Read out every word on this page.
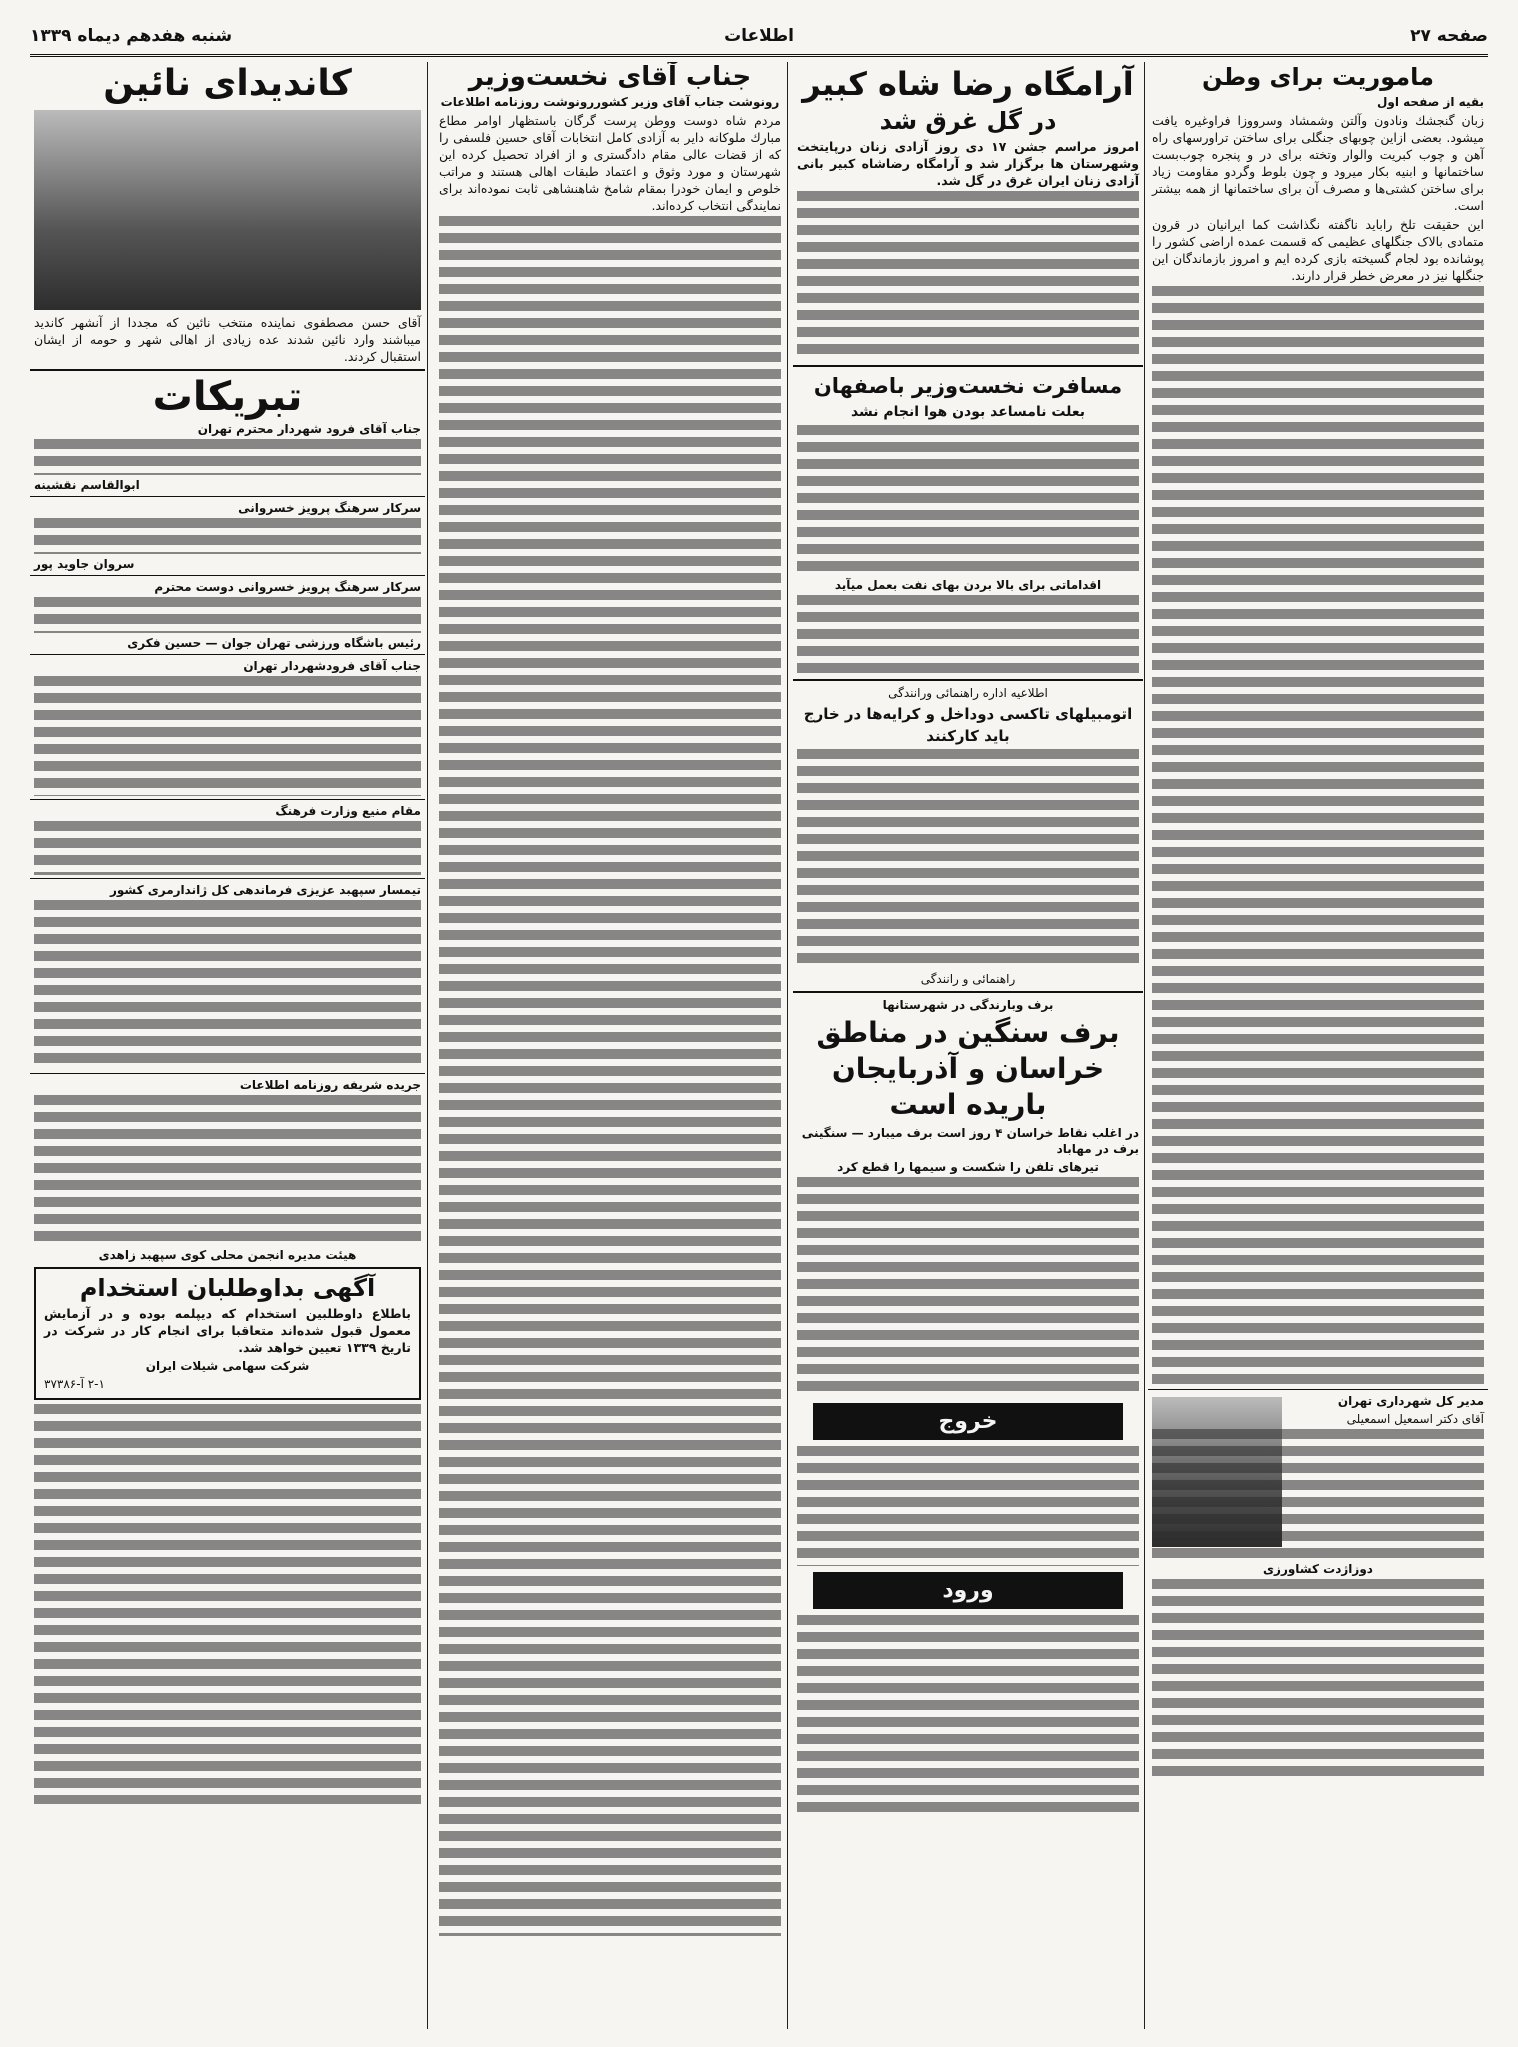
صفحه ۲۷
اطلاعات
شنبه هفدهم دیماه ۱۳۳۹
ماموریت برای وطن
بقیه از صفحه اول

زبان گنجشك ونادون وآلتن وشمشاد وسرووزا فراوغیره یافت میشود. بعضی ازاین چوبهای جنگلی برای ساختن تراورسهای راه آهن و چوب کبریت والوار وتخته برای در و پنجره چوب‌بست ساختمانها و ابنیه بکار میرود و چون بلوط وگردو مقاومت زیاد برای ساختن کشتی‌ها و مصرف آن برای ساختمانها از همه بیشتر است.

این حقیقت تلخ راباید ناگفته نگذاشت کما ایرانیان در قرون متمادی بالاک جنگلهای عظیمی که قسمت عمده اراضی کشور را پوشانده بود لجام گسیخته بازی کرده ایم و امروز بازماندگان این جنگلها نیز در معرض خطر قرار دارند.

مدیر کل شهرداری تهران
آقای دکتر اسمعیل اسمعیلی
دوزاژدت کشاورزی
آرامگاه رضا شاه کبیر
در گل غرق شد

امروز مراسم جشن ۱۷ دی روز آزادی زنان درپایتخت وشهرستان ها برگزار شد و آرامگاه رضاشاه کبیر بانی آزادی زنان ایران غرق در گل شد.

مسافرت نخست‌وزیر باصفهان
بعلت نامساعد بودن هوا انجام نشد
اقداماتی برای بالا بردن بهای نفت بعمل میآید
اطلاعیه اداره راهنمائی ورانندگی
اتومبیلهای تاکسی دوداخل و کرایه‌ها در خارج باید کارکنند
راهنمائی و رانندگی
برف وبارندگی در شهرستانها
برف سنگین در مناطق خراسان و آذربایجان باریده است
در اغلب نقاط خراسان ۴ روز است برف میبارد — سنگینی برف در مهاباد
تیرهای تلفن را شکست و سیمها را قطع کرد
خروج
ورود
جناب آقای نخست‌وزیر
رونوشت جناب آقای وزیر کشوررونوشت روزنامه اطلاعات

مردم شاه دوست ووطن پرست گرگان باستظهار اوامر مطاع مبارك ملوکانه دایر به آزادی کامل انتخابات آقای حسین فلسفی را که از قضات عالی مقام دادگستری و از افراد تحصیل کرده این شهرستان و مورد وثوق و اعتماد طبقات اهالی هستند و مراتب خلوص و ایمان خودرا بمقام شامخ شاهنشاهی ثابت نموده‌اند برای نمایندگی انتخاب کرده‌اند.

کاندیدای نائین

آقای حسن مصطفوی نماینده منتخب نائین که مجددا از آنشهر کاندید میباشند وارد نائین شدند عده زیادی از اهالی شهر و حومه از ایشان استقبال کردند.

تبریکات
جناب آقای فرود شهردار محترم تهران
ابوالقاسم نقشینه
سرکار سرهنگ پرویز خسروانی
سروان جاوید پور
سرکار سرهنگ پرویز خسروانی دوست محترم
رئیس باشگاه ورزشی تهران جوان — حسین فکری
جناب آقای فرودشهردار تهران
مقام منیع وزارت فرهنگ
تیمسار سپهبد عزیزی فرماندهی کل ژاندارمری کشور
جریده شریفه روزنامه اطلاعات
هیئت مدیره انجمن محلی کوی سپهبد زاهدی
آگهی بداوطلبان استخدام

باطلاع داوطلبین استخدام که دیپلمه بوده و در آزمایش معمول قبول شده‌اند متعاقبا برای انجام کار در شرکت در تاریخ ۱۳۳۹ تعیین خواهد شد.

شرکت سهامی شیلات ایران
۲-۱ آ-۳۷۳۸۶
